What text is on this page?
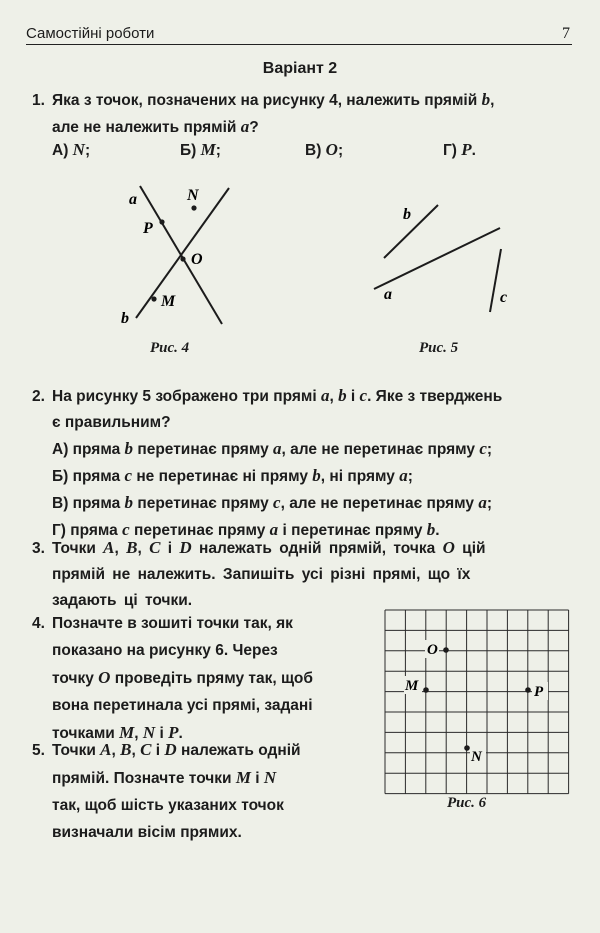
Самостійні роботи	7
Варіант 2
1. Яка з точок, позначених на рисунку 4, належить прямій b,
але не належить прямій a?
А) N;	Б) M;	В) O;	Г) P.
a	N
P
O
M
b
b
a	c
O
M	P
N
Рис. 4	Рис. 5
2. На рисунку 5 зображено три прямі a, b і c. Яке з тверджень
є правильним?
А) пряма b перетинає пряму a, але не перетинає пряму c;
Б) пряма c не перетинає ні пряму b, ні пряму a;
В) пряма b перетинає пряму c, але не перетинає пряму a;
Г) пряма c перетинає пряму a і перетинає пряму b.
3. Точки A, B, C і D належать одній прямій, точка O цій
прямій не належить. Запишіть усі різні прямі, що їх
задають ці точки.
4. Позначте в зошиті точки так, як
показано на рисунку 6. Через
точку O проведіть пряму так, щоб
вона перетинала усі прямі, задані
точками M, N і P.
5. Точки A, B, C і D належать одній
прямій. Позначте точки M і N
так, щоб шість указаних точок
визначали вісім прямих.
Рис. 6
